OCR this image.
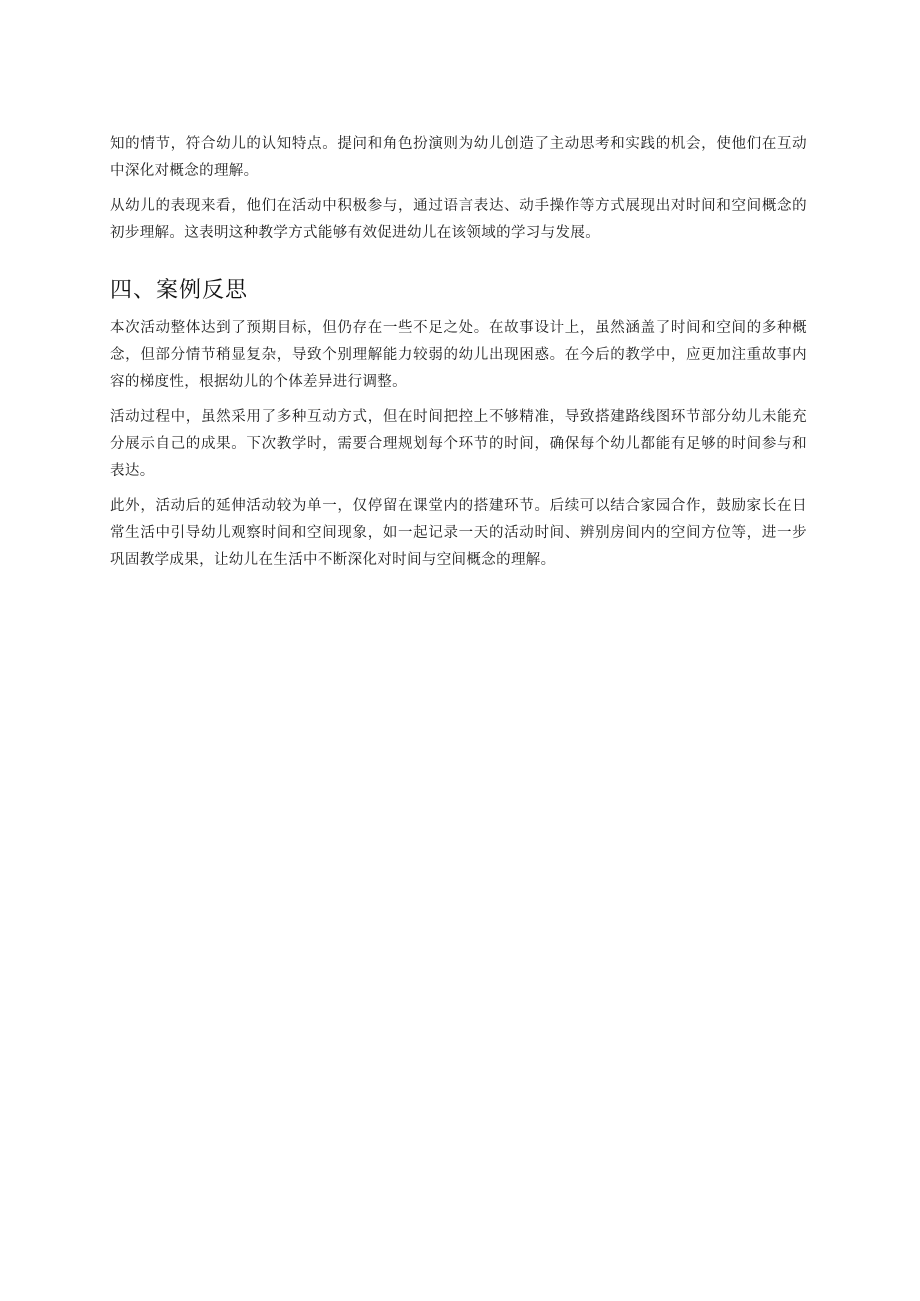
知的情节，符合幼儿的认知特点。提问和角色扮演则为幼儿创造了主动思考和实践的机会，使他们在互动中深化对概念的理解。

从幼儿的表现来看，他们在活动中积极参与，通过语言表达、动手操作等方式展现出对时间和空间概念的初步理解。这表明这种教学方式能够有效促进幼儿在该领域的学习与发展。

四、案例反思

本次活动整体达到了预期目标，但仍存在一些不足之处。在故事设计上，虽然涵盖了时间和空间的多种概念，但部分情节稍显复杂，导致个别理解能力较弱的幼儿出现困惑。在今后的教学中，应更加注重故事内容的梯度性，根据幼儿的个体差异进行调整。

活动过程中，虽然采用了多种互动方式，但在时间把控上不够精准，导致搭建路线图环节部分幼儿未能充分展示自己的成果。下次教学时，需要合理规划每个环节的时间，确保每个幼儿都能有足够的时间参与和表达。

此外，活动后的延伸活动较为单一，仅停留在课堂内的搭建环节。后续可以结合家园合作，鼓励家长在日常生活中引导幼儿观察时间和空间现象，如一起记录一天的活动时间、辨别房间内的空间方位等，进一步巩固教学成果，让幼儿在生活中不断深化对时间与空间概念的理解。
